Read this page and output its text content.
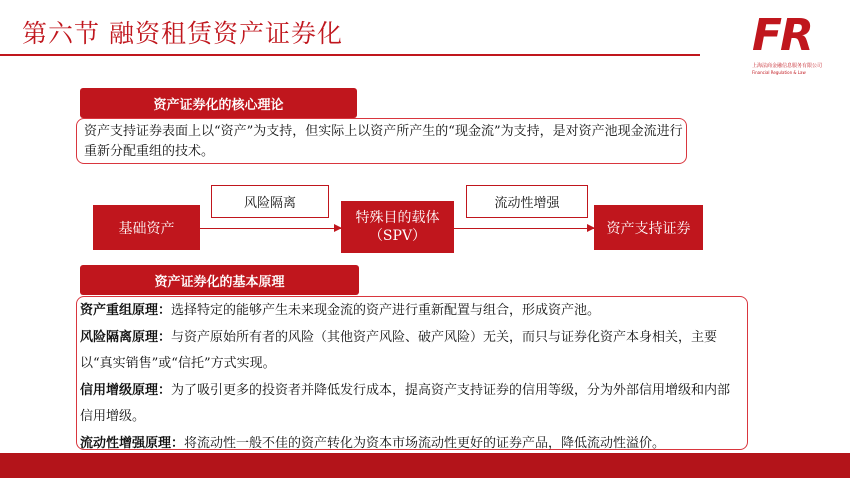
第六节 融资租赁资产证券化	FR
上海法商金融信息服务有限公司
Financial Regulation & Law
资产证券化的核心理论
资产支持证券表面上以“资产”为支持，但实际上以资产所产生的“现金流”为支持，是对资产池现金流进行重新分配重组的技术。
基础资产
风险隔离
特殊目的载体
（SPV）
流动性增强
资产支持证券
资产证券化的基本原理
资产重组原理：选择特定的能够产生未来现金流的资产进行重新配置与组合，形成资产池。
风险隔离原理：与资产原始所有者的风险（其他资产风险、破产风险）无关，而只与证券化资产本身相关，主要以“真实销售”或“信托”方式实现。
信用增级原理：为了吸引更多的投资者并降低发行成本，提高资产支持证券的信用等级，分为外部信用增级和内部信用增级。
流动性增强原理：将流动性一般不佳的资产转化为资本市场流动性更好的证券产品，降低流动性溢价。
